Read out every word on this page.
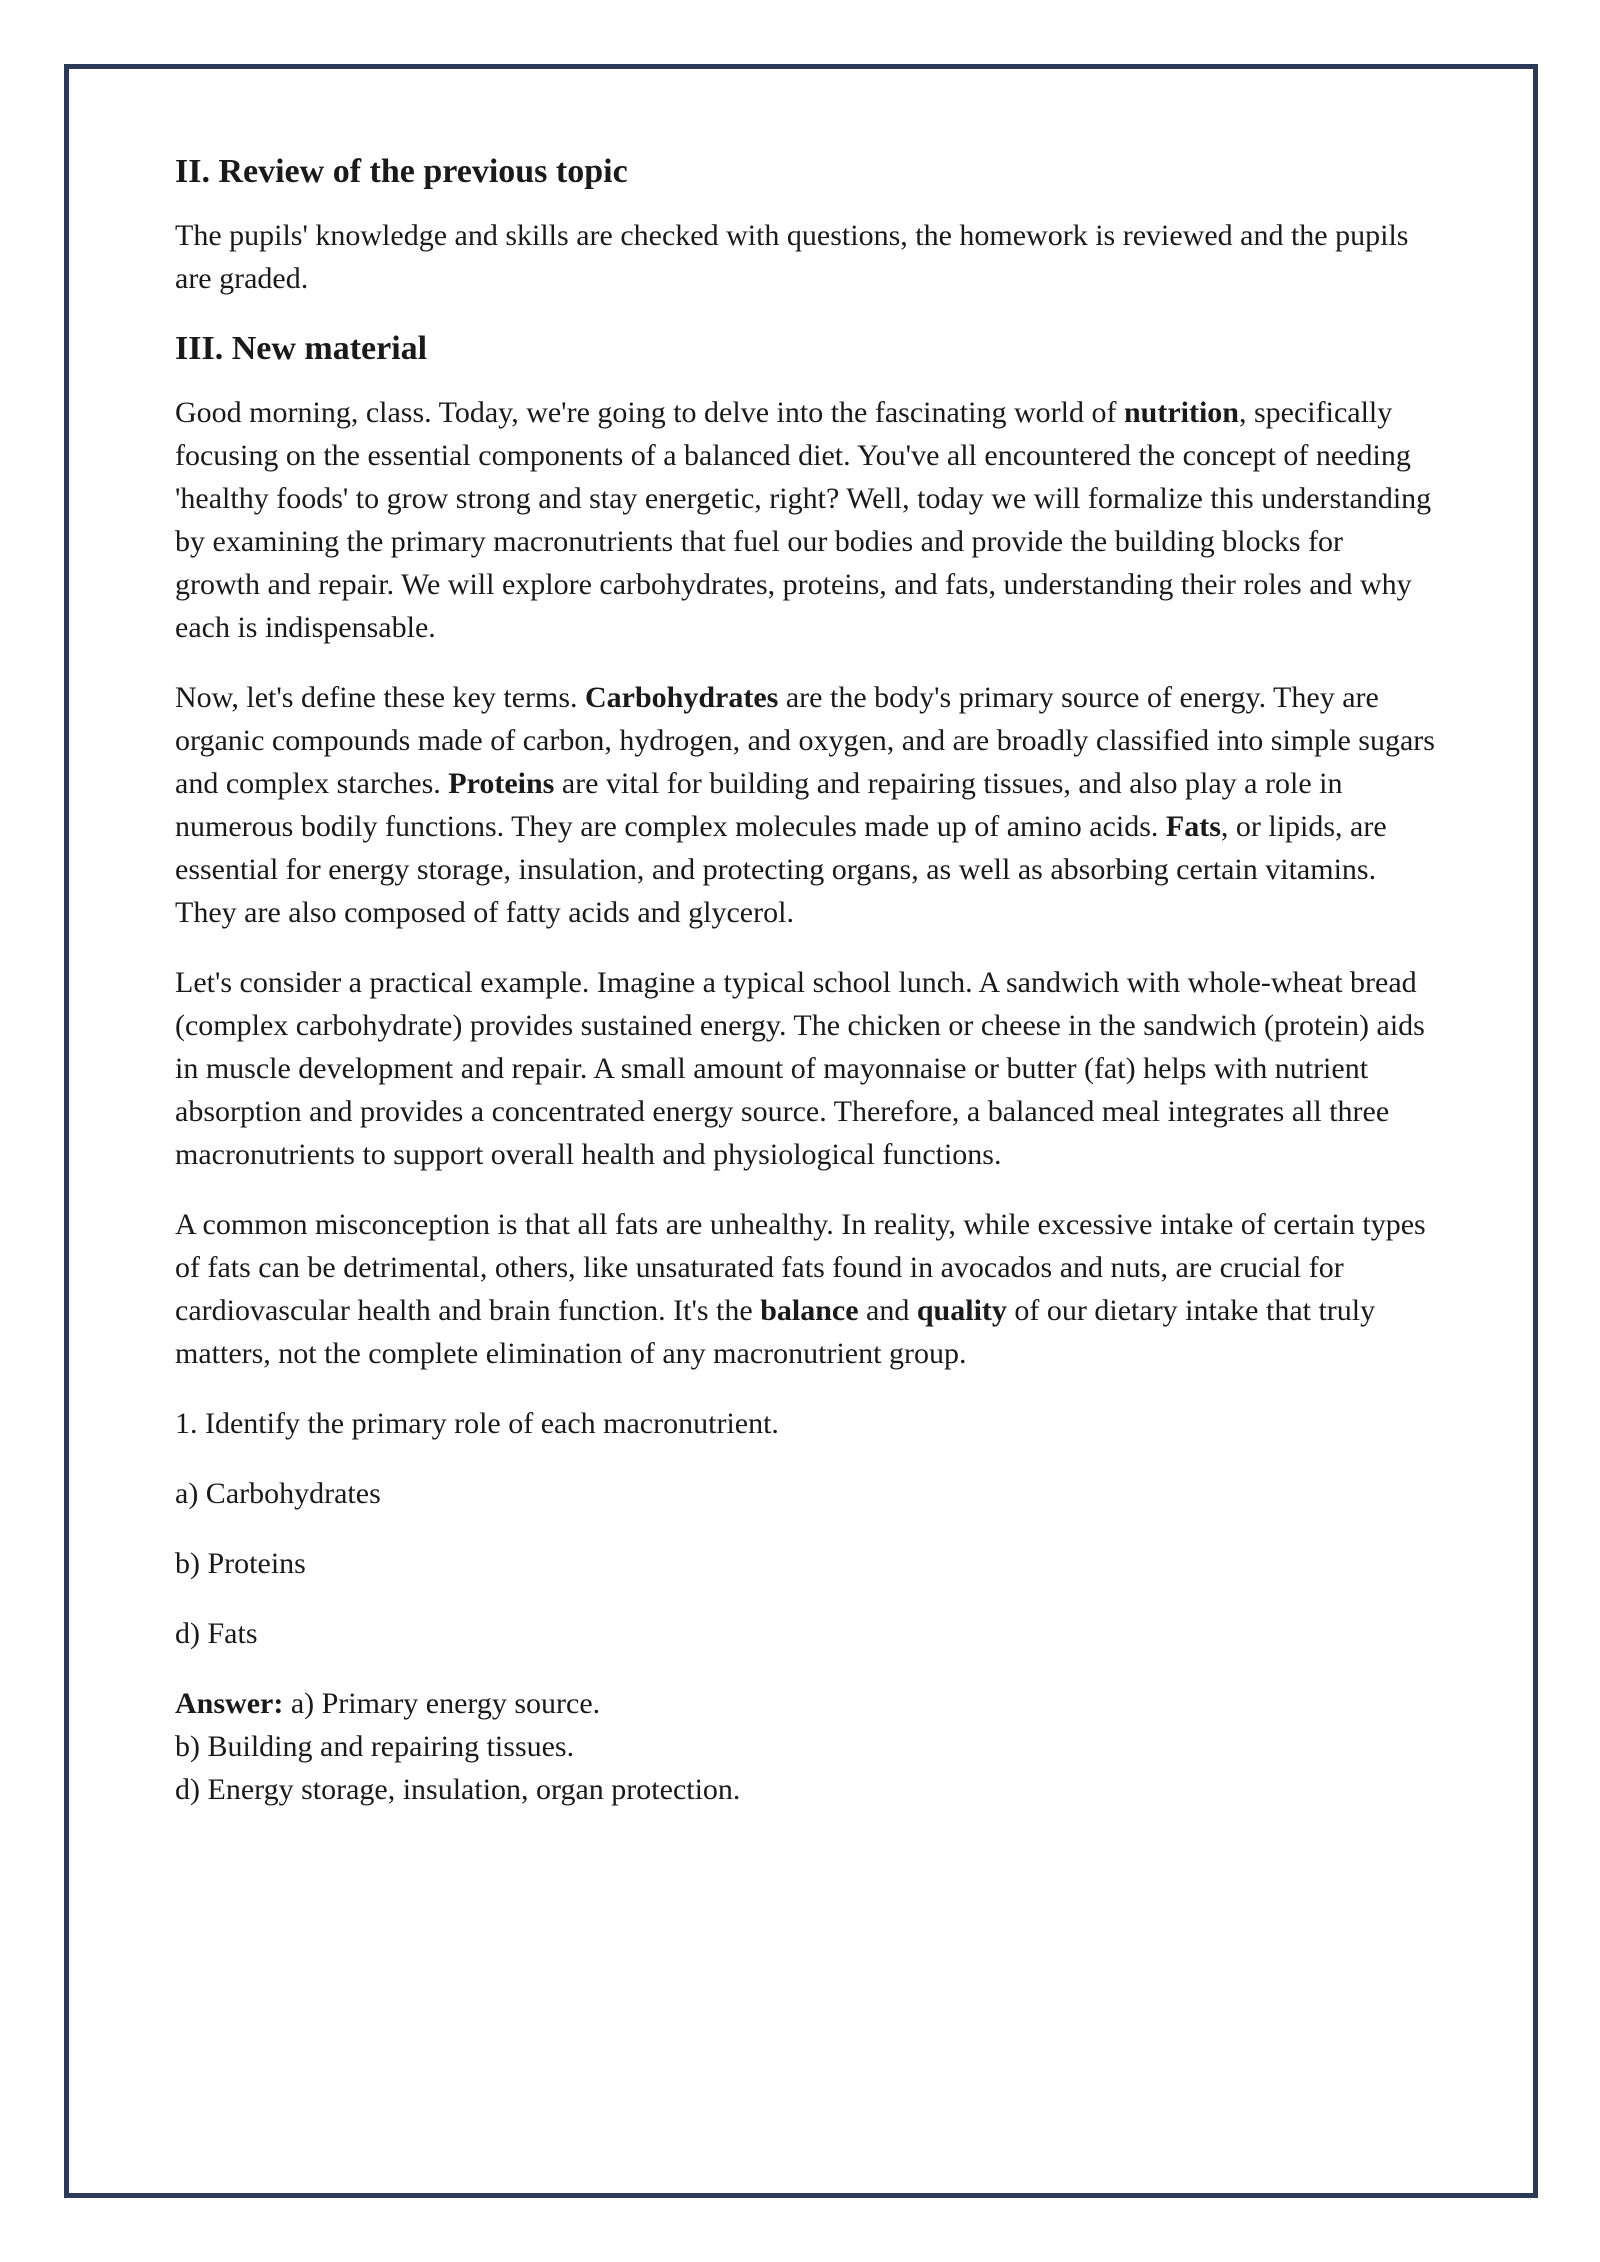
II. Review of the previous topic

The pupils' knowledge and skills are checked with questions, the homework is reviewed and the pupils are graded.

III. New material

Good morning, class. Today, we're going to delve into the fascinating world of nutrition, specifically focusing on the essential components of a balanced diet. You've all encountered the concept of needing 'healthy foods' to grow strong and stay energetic, right? Well, today we will formalize this understanding by examining the primary macronutrients that fuel our bodies and provide the building blocks for growth and repair. We will explore carbohydrates, proteins, and fats, understanding their roles and why each is indispensable.

Now, let's define these key terms. Carbohydrates are the body's primary source of energy. They are organic compounds made of carbon, hydrogen, and oxygen, and are broadly classified into simple sugars and complex starches. Proteins are vital for building and repairing tissues, and also play a role in numerous bodily functions. They are complex molecules made up of amino acids. Fats, or lipids, are essential for energy storage, insulation, and protecting organs, as well as absorbing certain vitamins. They are also composed of fatty acids and glycerol.

Let's consider a practical example. Imagine a typical school lunch. A sandwich with whole-wheat bread (complex carbohydrate) provides sustained energy. The chicken or cheese in the sandwich (protein) aids in muscle development and repair. A small amount of mayonnaise or butter (fat) helps with nutrient absorption and provides a concentrated energy source. Therefore, a balanced meal integrates all three macronutrients to support overall health and physiological functions.

A common misconception is that all fats are unhealthy. In reality, while excessive intake of certain types of fats can be detrimental, others, like unsaturated fats found in avocados and nuts, are crucial for cardiovascular health and brain function. It's the balance and quality of our dietary intake that truly matters, not the complete elimination of any macronutrient group.

1. Identify the primary role of each macronutrient.

a) Carbohydrates

b) Proteins

d) Fats

Answer: a) Primary energy source.

b) Building and repairing tissues.

d) Energy storage, insulation, organ protection.
